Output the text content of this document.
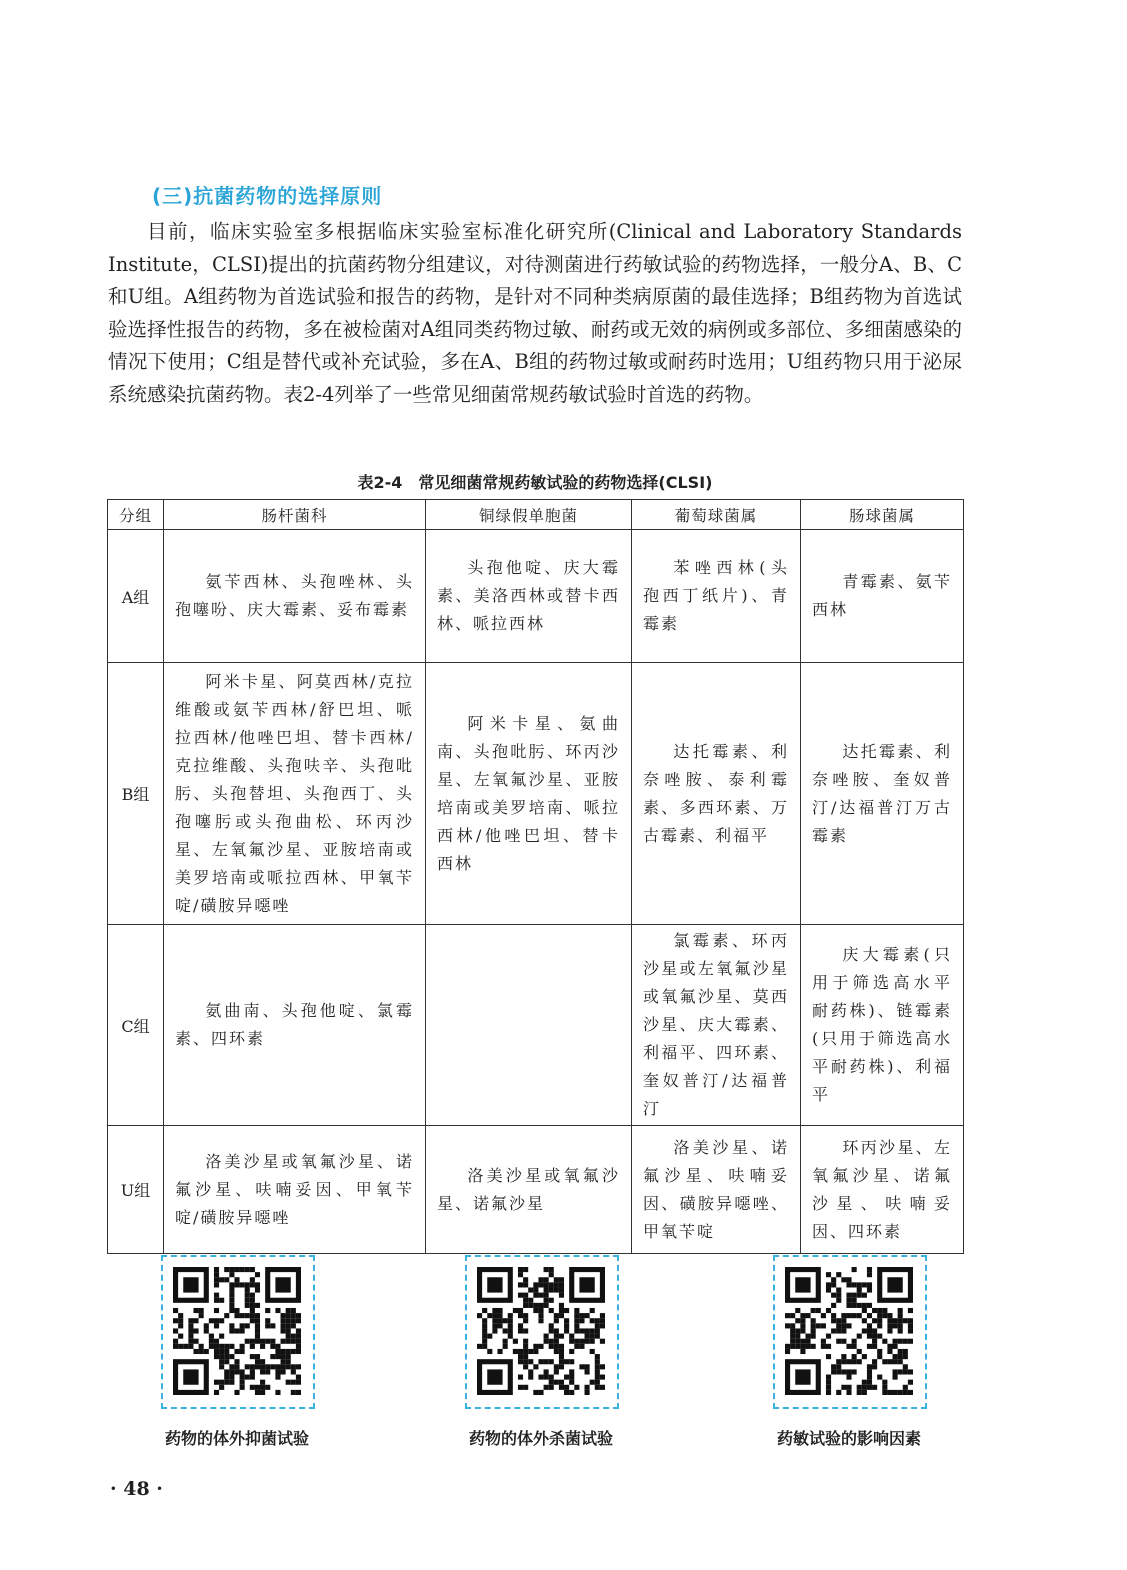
(三)抗菌药物的选择原则

目前，临床实验室多根据临床实验室标准化研究所(Clinical and Laboratory Standards Institute，CLSI)提出的抗菌药物分组建议，对待测菌进行药敏试验的药物选择，一般分A、B、C和U组。A组药物为首选试验和报告的药物，是针对不同种类病原菌的最佳选择；B组药物为首选试验选择性报告的药物，多在被检菌对A组同类药物过敏、耐药或无效的病例或多部位、多细菌感染的情况下使用；C组是替代或补充试验，多在A、B组的药物过敏或耐药时选用；U组药物只用于泌尿系统感染抗菌药物。表2-4列举了一些常见细菌常规药敏试验时首选的药物。

表2-4　常见细菌常规药敏试验的药物选择(CLSI)
分组	肠杆菌科	铜绿假单胞菌	葡萄球菌属	肠球菌属
A组	氨苄西林、头孢唑林、头孢噻吩、庆大霉素、妥布霉素	头孢他啶、庆大霉素、美洛西林或替卡西林、哌拉西林	苯唑西林(头孢西丁纸片)、青霉素	青霉素、氨苄西林

B组	阿米卡星、阿莫西林/克拉维酸或氨苄西林/舒巴坦、哌拉西林/他唑巴坦、替卡西林/克拉维酸、头孢呋辛、头孢吡肟、头孢替坦、头孢西丁、头孢噻肟或头孢曲松、环丙沙星、左氧氟沙星、亚胺培南或美罗培南或哌拉西林、甲氧苄啶/磺胺异噁唑	阿米卡星、氨曲南、头孢吡肟、环丙沙星、左氧氟沙星、亚胺培南或美罗培南、哌拉西林/他唑巴坦、替卡西林	达托霉素、利奈唑胺、泰利霉素、多西环素、万古霉素、利福平	达托霉素、利奈唑胺、奎奴普汀/达福普汀万古霉素

C组	氨曲南、头孢他啶、氯霉素、四环素		氯霉素、环丙沙星或左氧氟沙星或氧氟沙星、莫西沙星、庆大霉素、利福平、四环素、奎奴普汀/达福普汀	庆大霉素(只用于筛选高水平耐药株)、链霉素(只用于筛选高水平耐药株)、利福平

U组	洛美沙星或氧氟沙星、诺氟沙星、呋喃妥因、甲氧苄啶/磺胺异噁唑	洛美沙星或氧氟沙星、诺氟沙星	洛美沙星、诺氟沙星、呋喃妥因、磺胺异噁唑、甲氧苄啶	环丙沙星、左氧氟沙星、诺氟沙星、呋喃妥因、四环素
药物的体外抑菌试验	药物的体外杀菌试验	药敏试验的影响因素
· 48 ·
